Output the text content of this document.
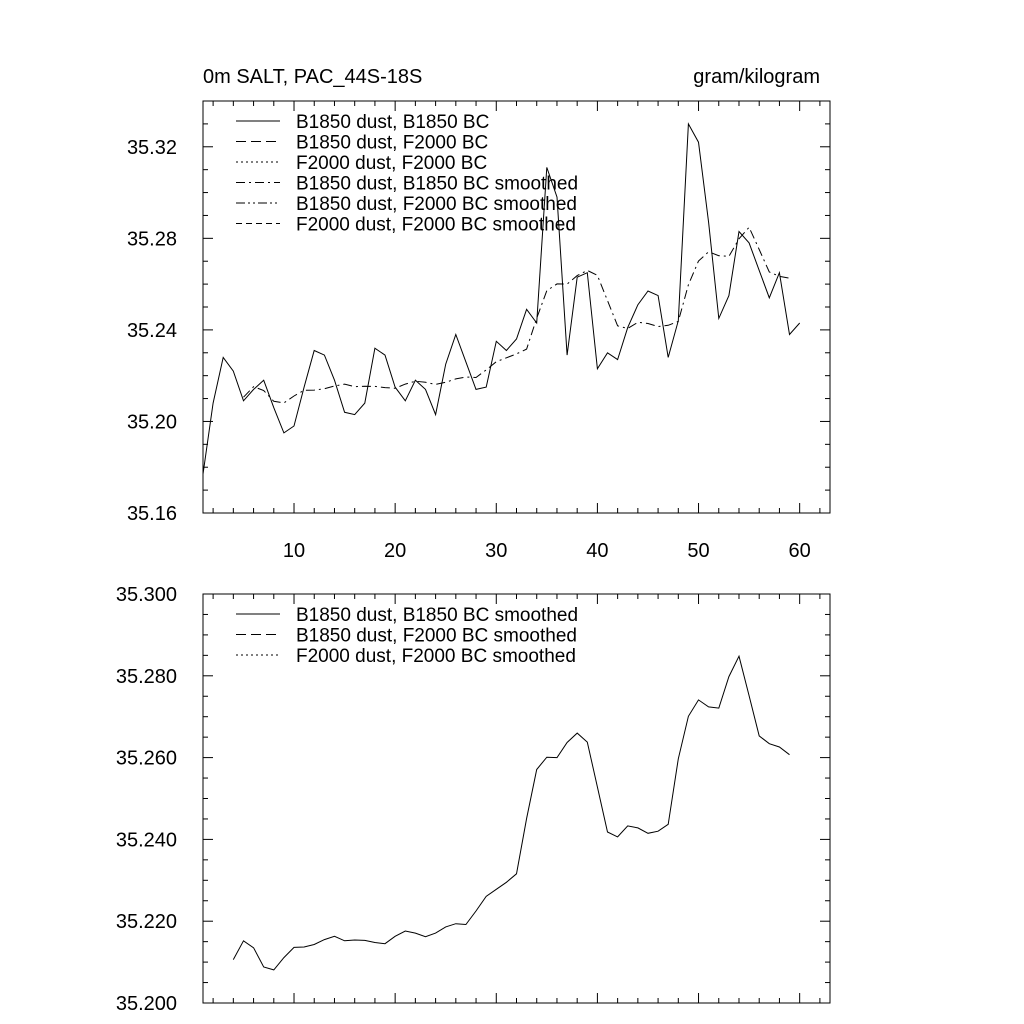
10	20	30	40	50	60
35.16
35.20
35.24
35.28
35.32
0m SALT, PAC_44S-18S	gram/kilogram
B1850 dust, B1850 BC
B1850 dust, F2000 BC
F2000 dust, F2000 BC
B1850 dust, B1850 BC smoothed
B1850 dust, F2000 BC smoothed
F2000 dust, F2000 BC smoothed
35.200
35.220
35.240
35.260
35.280
35.300
B1850 dust, B1850 BC smoothed
B1850 dust, F2000 BC smoothed
F2000 dust, F2000 BC smoothed
